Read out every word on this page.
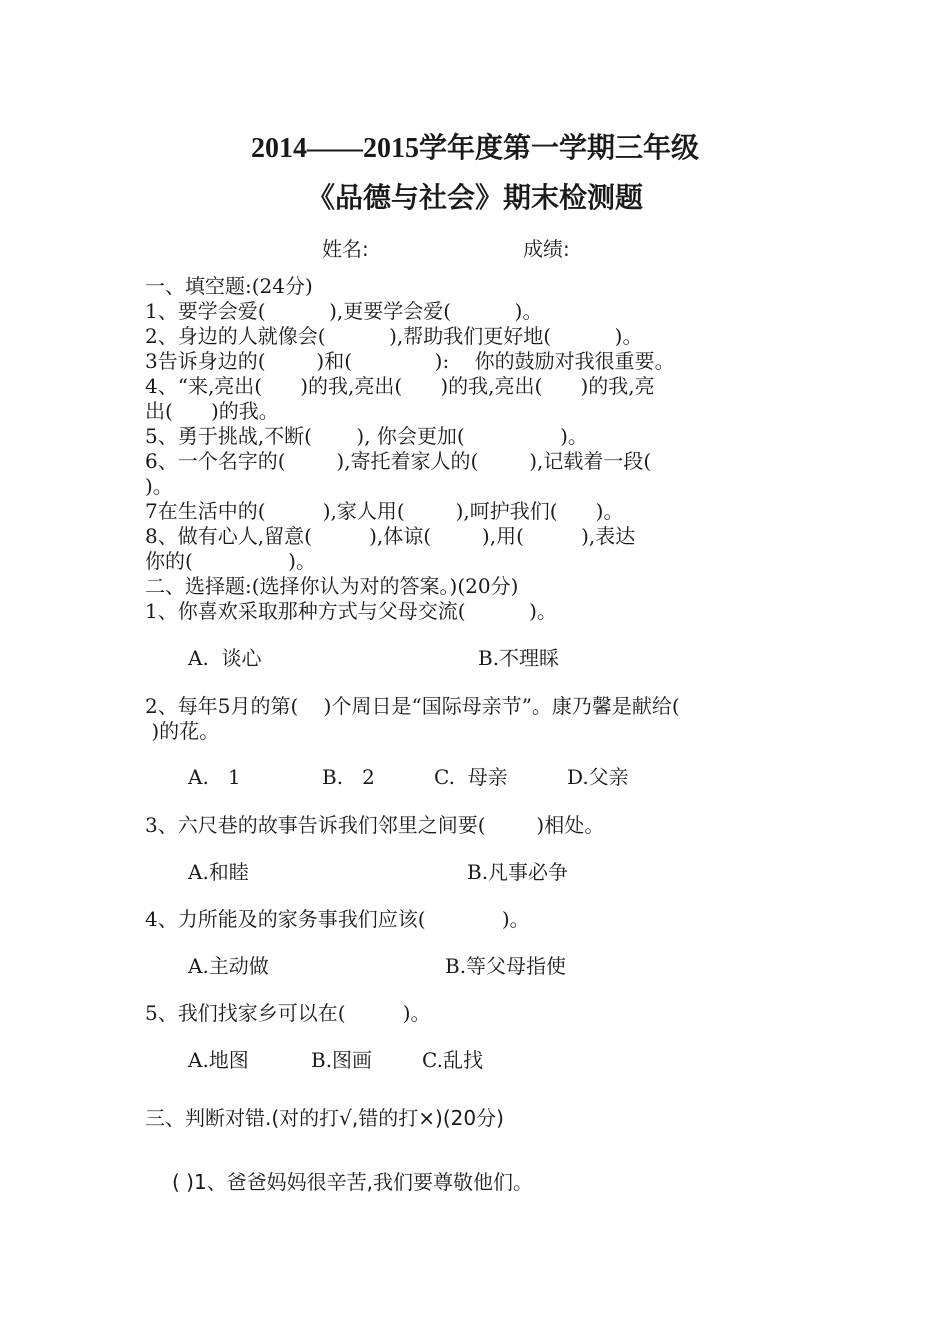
2014——2015学年度第一学期三年级
《品德与社会》期末检测题
姓名:	成绩:
一、填空题:(24分)
1、要学会爱(          ),更要学会爱(          )。
2、身边的人就像会(          ),帮助我们更好地(          )。
3告诉身边的(        )和(             ):    你的鼓励对我很重要。
4、“来,亮出(      )的我,亮出(      )的我,亮出(      )的我,亮
出(      )的我。
5、勇于挑战,不断(       ), 你会更加(               )。
6、一个名字的(        ),寄托着家人的(        ),记载着一段(
)。
7在生活中的(         ),家人用(        ),呵护我们(      )。
8、做有心人,留意(         ),体谅(        ),用(         ),表达
你的(               )。
二、选择题:(选择你认为对的答案。)(20分)
1、你喜欢采取那种方式与父母交流(          )。
A.  谈心	B.不理睬
2、每年5月的第(    )个周日是“国际母亲节”。康乃馨是献给(
)的花。
A.   1	B.   2	C.  母亲	D.父亲
3、六尺巷的故事告诉我们邻里之间要(        )相处。
A.和睦	B.凡事必争
4、力所能及的家务事我们应该(            )。
A.主动做	B.等父母指使
5、我们找家乡可以在(         )。
A.地图	B.图画 C.乱找
三、判断对错.(对的打√,错的打×)(20分)
( )1、爸爸妈妈很辛苦,我们要尊敬他们。
